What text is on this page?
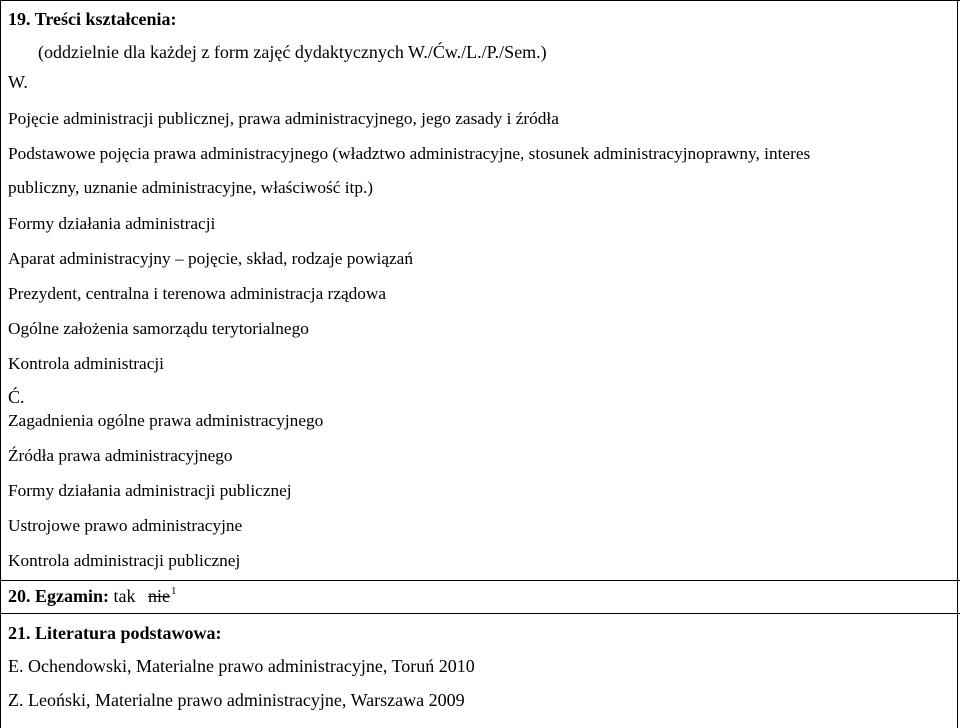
19. Treści kształcenia:
(oddzielnie dla każdej z form zajęć dydaktycznych W./Ćw./L./P./Sem.)
W.
Pojęcie administracji publicznej, prawa administracyjnego, jego zasady i źródła
Podstawowe pojęcia prawa administracyjnego (władztwo administracyjne, stosunek administracyjnoprawny, interes
publiczny, uznanie administracyjne, właściwość itp.)
Formy działania administracji
Aparat administracyjny – pojęcie, skład, rodzaje powiązań
Prezydent, centralna i terenowa administracja rządowa
Ogólne założenia samorządu terytorialnego
Kontrola administracji
Ć.
Zagadnienia ogólne prawa administracyjnego
Źródła prawa administracyjnego
Formy działania administracji publicznej
Ustrojowe prawo administracyjne
Kontrola administracji publicznej
20. Egzamin: tak nie$^1$
21. Literatura podstawowa:
E. Ochendowski, Materialne prawo administracyjne, Toruń 2010
Z. Leoński, Materialne prawo administracyjne, Warszawa 2009
